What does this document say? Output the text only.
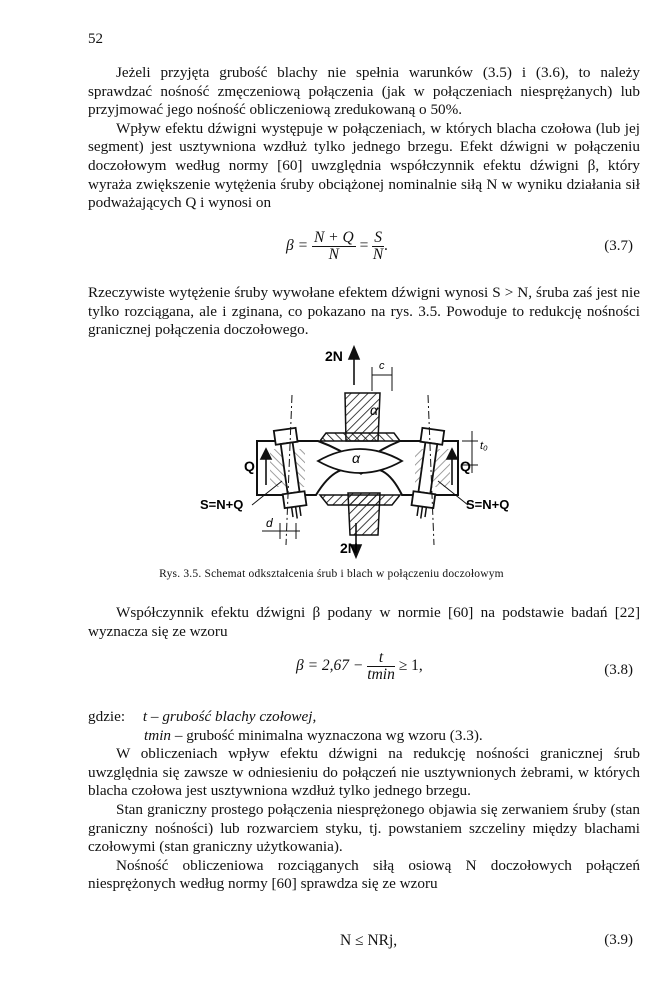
52

Jeżeli przyjęta grubość blachy nie spełnia warunków (3.5) i (3.6), to należy sprawdzać nośność zmęczeniową połączenia (jak w połączeniach niesprężanych) lub przyjmować jego nośność obliczeniową zredukowaną o 50%.

Wpływ efektu dźwigni występuje w połączeniach, w których blacha czołowa (lub jej segment) jest usztywniona wzdłuż tylko jednego brzegu. Efekt dźwigni w połączeniu doczołowym według normy [60] uwzględnia współczynnik efektu dźwigni β, który wyraża zwiększenie wytężenia śruby obciążonej nominalnie siłą N w wyniku działania sił podważających Q i wynosi on

$\beta = \frac{N + Q}{N} = \frac{S}{N}$ .	(3.7)

Rzeczywiste wytężenie śruby wywołane efektem dźwigni wynosi S > N, śruba zaś jest nie tylko rozciągana, ale i zginana, co pokazano na rys. 3.5. Powoduje to redukcję nośności granicznej połączenia doczołowego.

2N
c
α
α
t₀
Q	Q
S=N+Q	S=N+Q
d
2N
Rys. 3.5. Schemat odkształcenia śrub i blach w połączeniu doczołowym

Współczynnik efektu dźwigni β podany w normie [60] na podstawie badań [22] wyznacza się ze wzoru

$\beta = 2,67 - \frac{t}{tmin} \ge 1$,	(3.8)
gdzie: t – grubość blachy czołowej,
tmin – grubość minimalna wyznaczona wg wzoru (3.3).

W obliczeniach wpływ efektu dźwigni na redukcję nośności granicznej śrub uwzględnia się zawsze w odniesieniu do połączeń nie usztywnionych żebrami, w których blacha czołowa jest usztywniona wzdłuż tylko jednego brzegu.

Stan graniczny prostego połączenia niesprężonego objawia się zerwaniem śruby (stan graniczny nośności) lub rozwarciem styku, tj. powstaniem szczeliny między blachami czołowymi (stan graniczny użytkowania).

Nośność obliczeniowa rozciąganych siłą osiową N doczołowych połączeń niesprężonych według normy [60] sprawdza się ze wzoru

N ≤ NRj,	(3.9)
